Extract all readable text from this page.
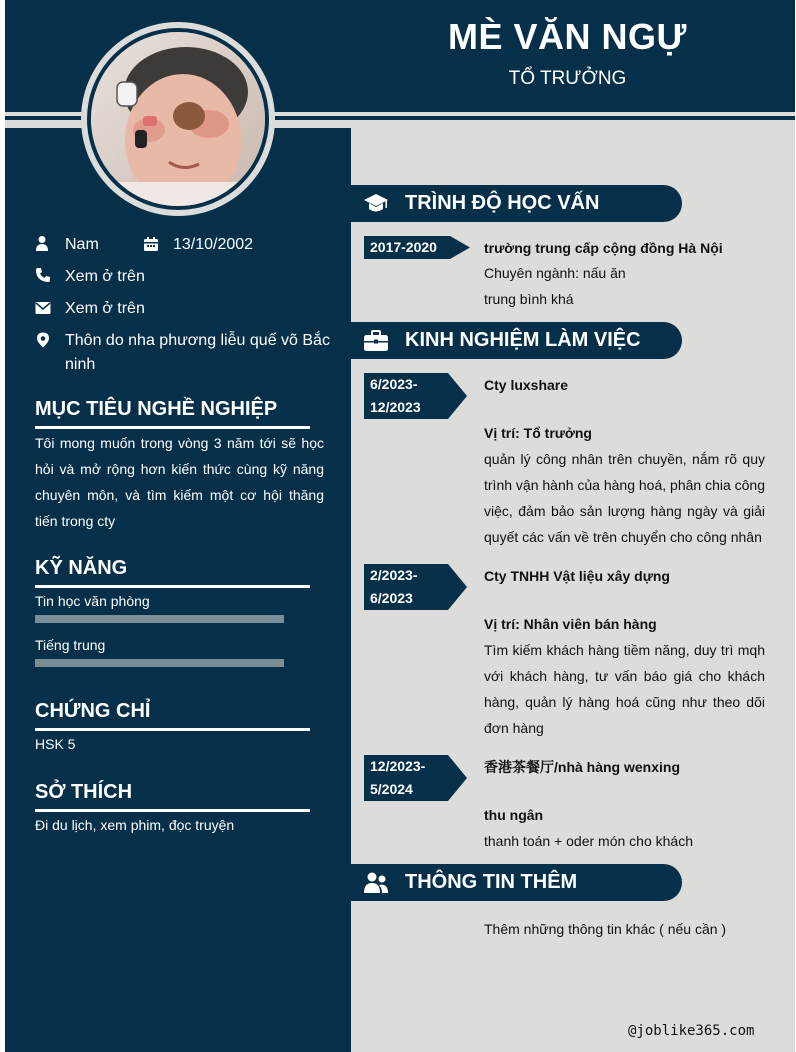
MÈ VĂN NGỰ
TỔ TRƯỞNG
Nam	13/10/2002
Xem ở trên
Xem ở trên
Thôn do nha phương liễu quế võ Bắc ninh
MỤC TIÊU NGHỀ NGHIỆP
Tôi mong muốn trong vòng 3 năm tới sẽ học hỏi và mở rộng hơn kiến thức cùng kỹ năng chuyên môn, và tìm kiếm một cơ hội thăng tiến trong cty
KỸ NĂNG
Tin học văn phòng
Tiếng trung
CHỨNG CHỈ
HSK 5
SỞ THÍCH
Đi du lịch, xem phim, đọc truyện
TRÌNH ĐỘ HỌC VẤN
2017-2020	trường trung cấp cộng đồng Hà Nội
Chuyên ngành: nấu ăn
trung bình khá
KINH NGHIỆM LÀM VIỆC
6/2023-
12/2023
Cty luxshare
Vị trí: Tổ trưởng
quản lý công nhân trên chuyền, nắm rõ quy trình vận hành của hàng hoá, phân chia công việc, đảm bảo sản lượng hàng ngày và giải quyết các vấn về trên chuyển cho công nhân
2/2023-
6/2023
Cty TNHH Vật liệu xây dựng
Vị trí: Nhân viên bán hàng
Tìm kiếm khách hàng tiềm năng, duy trì mqh với khách hàng, tư vấn báo giá cho khách hàng, quản lý hàng hoá cũng như theo dõi đơn hàng
12/2023-
5/2024
香港茶餐厅/nhà hàng wenxing
thu ngân
thanh toán + oder món cho khách
THÔNG TIN THÊM
Thêm những thông tin khác ( nếu cần )
@joblike365.com
